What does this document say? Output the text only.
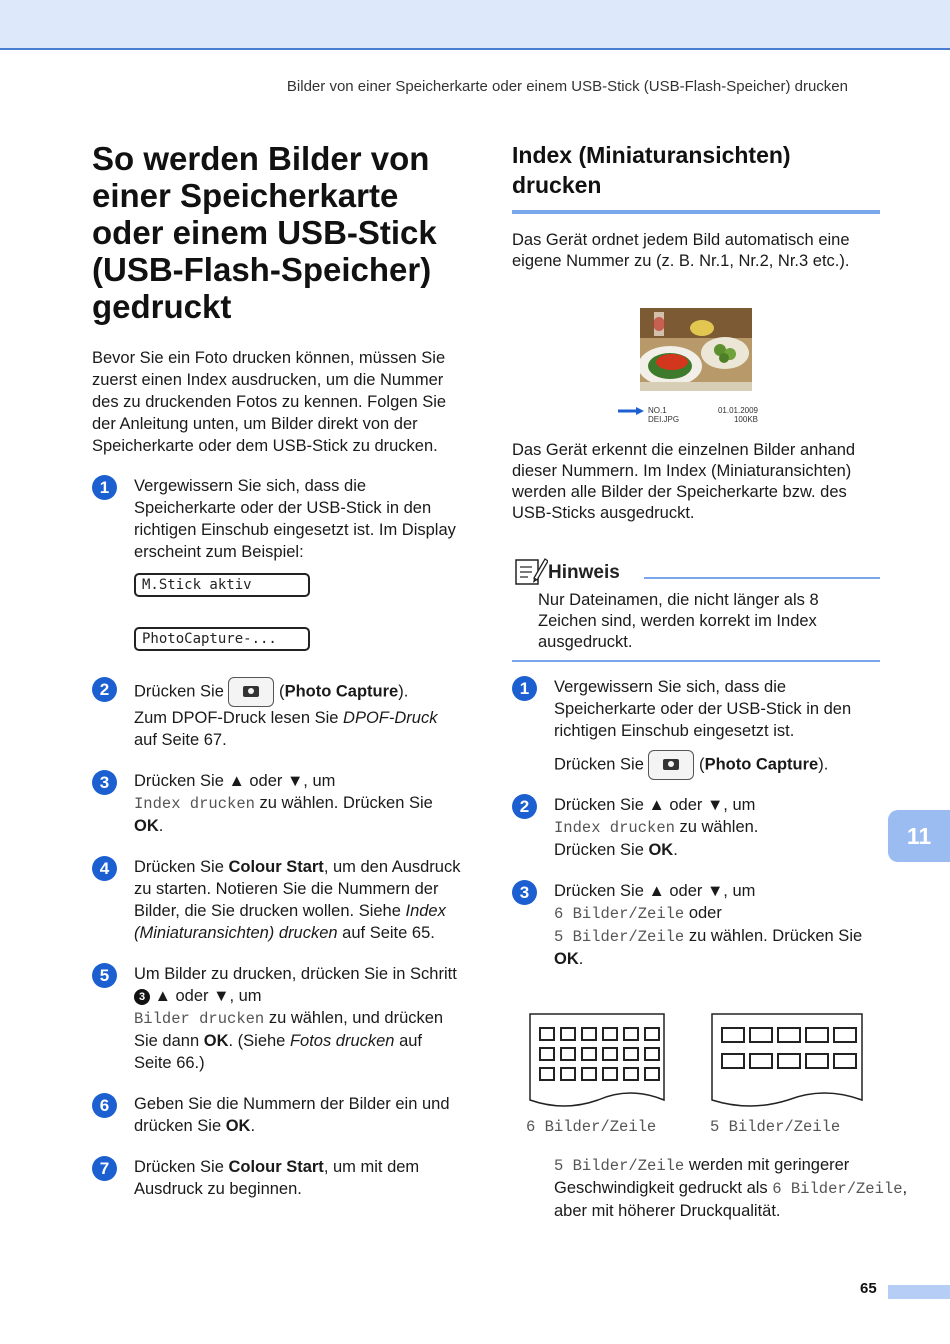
Bilder von einer Speicherkarte oder einem USB-Stick (USB-Flash-Speicher) drucken
So werden Bilder von einer Speicherkarte oder einem USB-Stick (USB-Flash-Speicher) gedruckt

Bevor Sie ein Foto drucken können, müssen Sie zuerst einen Index ausdrucken, um die Nummer des zu druckenden Fotos zu kennen. Folgen Sie der Anleitung unten, um Bilder direkt von der Speicherkarte oder dem USB-Stick zu drucken.

1	Vergewissern Sie sich, dass die Speicherkarte oder der USB-Stick in den richtigen Einschub eingesetzt ist. Im Display erscheint zum Beispiel:

M.Stick aktiv
PhotoCapture-...
2	Drücken Sie	(Photo Capture).
Zum DPOF-Druck lesen Sie DPOF-Druck auf Seite 67.

3	Drücken Sie ▲ oder ▼, um
Index drucken zu wählen. Drücken Sie OK.

4	Drücken Sie Colour Start, um den Ausdruck zu starten. Notieren Sie die Nummern der Bilder, die Sie drucken wollen. Siehe Index (Miniaturansichten) drucken auf Seite 65.

5	Um Bilder zu drucken, drücken Sie in Schritt 3 ▲ oder ▼, um
Bilder drucken zu wählen, und drücken Sie dann OK. (Siehe Fotos drucken auf Seite 66.)

6	Geben Sie die Nummern der Bilder ein und drücken Sie OK.

7	Drücken Sie Colour Start, um mit dem Ausdruck zu beginnen.

Index (Miniaturansichten) drucken

Das Gerät ordnet jedem Bild automatisch eine eigene Nummer zu (z. B. Nr.1, Nr.2, Nr.3 etc.).

NO.1
DEI.JPG
01.01.2009
100KB

Das Gerät erkennt die einzelnen Bilder anhand dieser Nummern. Im Index (Miniaturansichten) werden alle Bilder der Speicherkarte bzw. des USB-Sticks ausgedruckt.

Hinweis
Nur Dateinamen, die nicht länger als 8 Zeichen sind, werden korrekt im Index ausgedruckt.
1	Vergewissern Sie sich, dass die Speicherkarte oder der USB-Stick in den richtigen Einschub eingesetzt ist.

Drücken Sie	(Photo Capture).

2	Drücken Sie ▲ oder ▼, um
Index drucken zu wählen.
Drücken Sie OK.

3	Drücken Sie ▲ oder ▼, um
6 Bilder/Zeile oder
5 Bilder/Zeile zu wählen. Drücken Sie OK.

6 Bilder/Zeile	5 Bilder/Zeile

5 Bilder/Zeile werden mit geringerer Geschwindigkeit gedruckt als 6 Bilder/Zeile, aber mit höherer Druckqualität.

11
65
